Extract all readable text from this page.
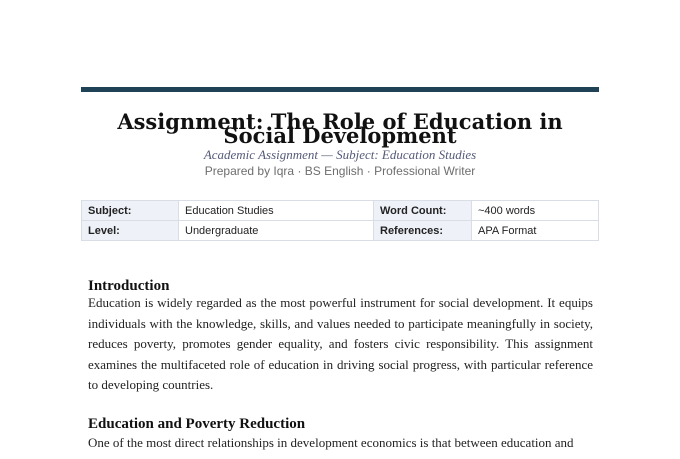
Assignment: The Role of Education in Social Development
Academic Assignment — Subject: Education Studies
Prepared by Iqra · BS English · Professional Writer
Subject:	Education Studies	Word Count:	~400 words
Level:	Undergraduate	References:	APA Format
Introduction

Education is widely regarded as the most powerful instrument for social development. It equips individuals with the knowledge, skills, and values needed to participate meaningfully in society, reduces poverty, promotes gender equality, and fosters civic responsibility. This assignment examines the multifaceted role of education in driving social progress, with particular reference to developing countries.

Education and Poverty Reduction

One of the most direct relationships in development economics is that between education and
